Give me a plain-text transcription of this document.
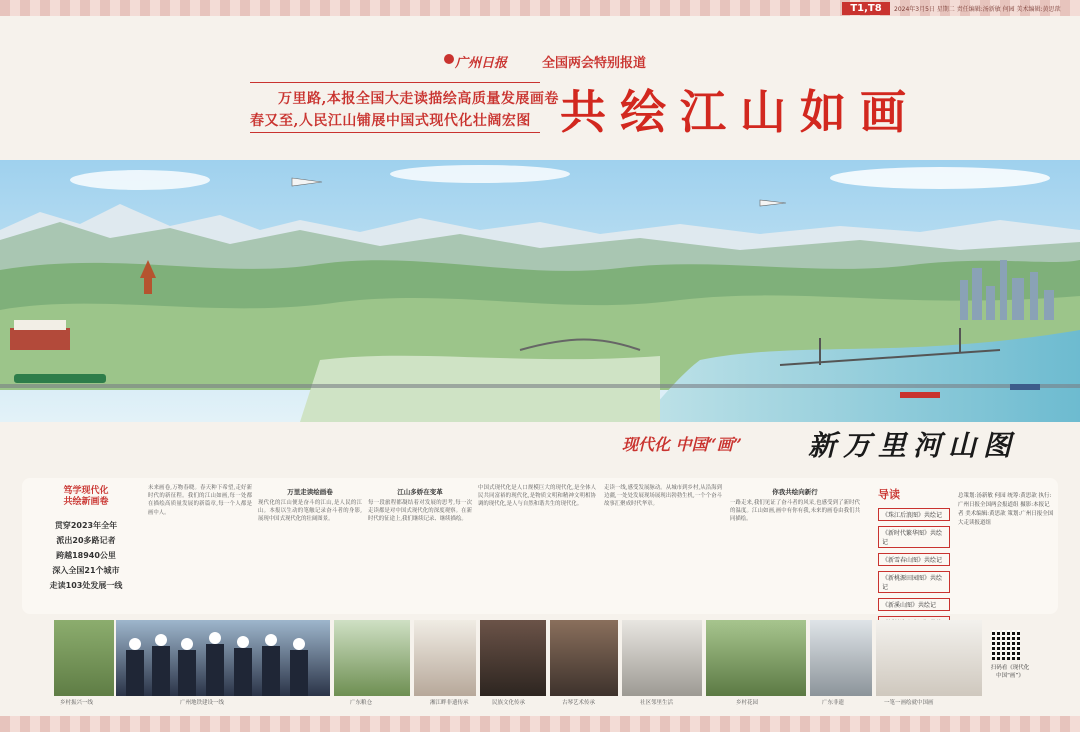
T1,T8	2024年3月5日 星期二 责任编辑:汤新敏 何园 美术编辑:黄思歆
广州日报	全国两会特别报道
万里路,本报全国大走读描绘高质量发展画卷
春又至,人民江山铺展中国式现代化壮阔宏图 共绘江山如画
现代化 中国“画” 新万里河山图
笃学现代化
共绘新画卷
贯穿2023年全年
派出20多路记者
跨越18940公里
深入全国21个城市
走读103处发展一线

未来画卷,万物春晓。春天种下希望,走好新时代的新征程。我们的江山如画,每一处都在描绘高质量发展的新篇章,每一个人都是画中人。

万里走读绘画卷

现代化的江山便是奋斗的江山,是人民的江山。本报以生动的笔触记录奋斗者的身影,展现中国式现代化的壮阔图景。

江山多娇在变革

每一段旅程都凝结着对发展的思考,每一次走读都是对中国式现代化的深度观察。在新时代的征途上,我们继续记录、继续描绘。

中国式现代化是人口规模巨大的现代化,是全体人民共同富裕的现代化,是物质文明和精神文明相协调的现代化,是人与自然和谐共生的现代化。

走读一线,感受发展脉动。从城市到乡村,从沿海到边疆,一处处发展现场展现出勃勃生机,一个个奋斗故事汇聚成时代华章。

你我共绘向新行

一路走来,我们见证了奋斗者的风采,也感受到了新时代的温度。江山如画,画中有你有我,未来的画卷由我们共同描绘。

导读
《珠江后浪图》共绘记
《新时代繁华图》共绘记
《新雪春山图》共绘记
《新桃源田园图》共绘记
《新溪山图》共绘记
总策划:汤新敏 何园 统筹:黄思歆 执行:广州日报全国两会报道组 摄影:本报记者 美术编辑:黄思歆 策划:广州日报全国大走读报道组
乡村振兴一线	广州地铁建设一线	广东粮仓	湘江畔非遗传承	民族文化传承	古琴艺术传承	社区邻里生活	乡村花园	广东非遗	一笔一画绘就中国画
扫码看《现代化 中国“画”》
